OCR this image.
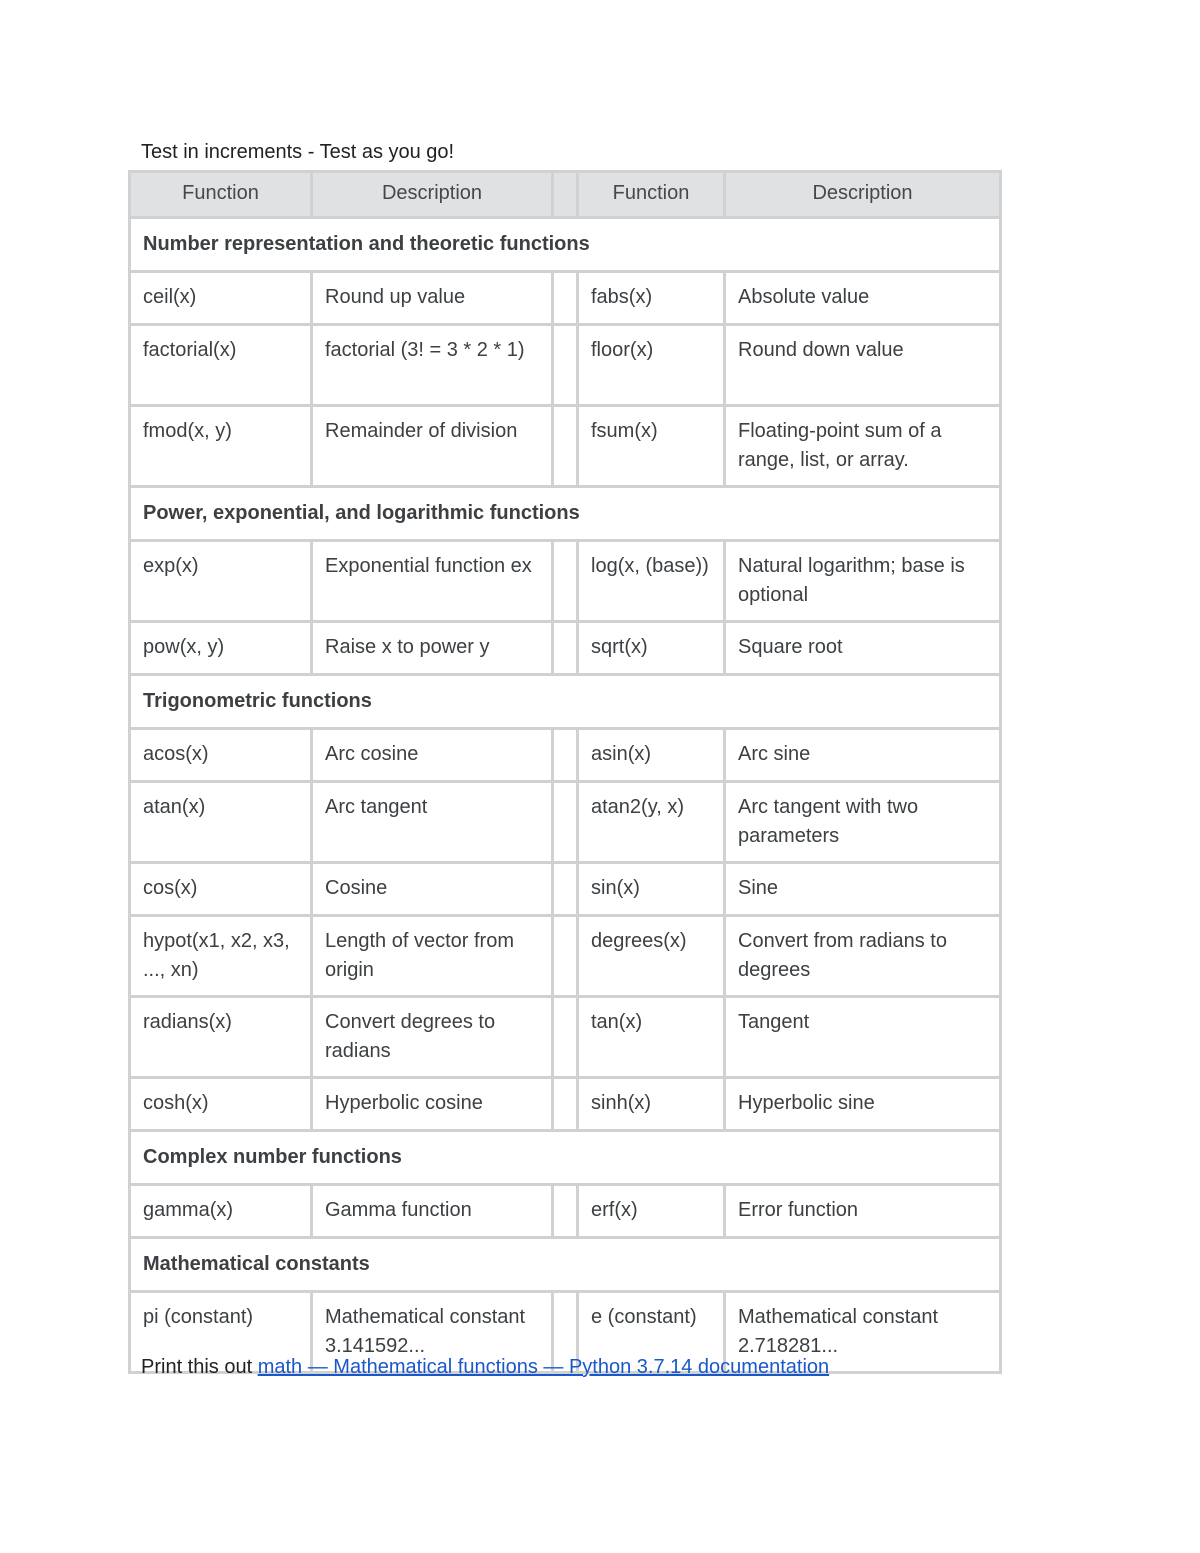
Test in increments - Test as you go!
Function	Description		Function	Description
Number representation and theoretic functions				
ceil(x)	Round up value		fabs(x)	Absolute value
factorial(x)	factorial (3! = 3 * 2 * 1)		floor(x)	Round down value
fmod(x, y)	Remainder of division		fsum(x)	Floating-point sum of a range, list, or array.
Power, exponential, and logarithmic functions				
exp(x)	Exponential function ex		log(x, (base))	Natural logarithm; base is optional
pow(x, y)	Raise x to power y		sqrt(x)	Square root
Trigonometric functions				
acos(x)	Arc cosine		asin(x)	Arc sine
atan(x)	Arc tangent		atan2(y, x)	Arc tangent with two parameters
cos(x)	Cosine		sin(x)	Sine
hypot(x1, x2, x3, ..., xn)	Length of vector from origin		degrees(x)	Convert from radians to degrees
radians(x)	Convert degrees to radians		tan(x)	Tangent
cosh(x)	Hyperbolic cosine		sinh(x)	Hyperbolic sine
Complex number functions				
gamma(x)	Gamma function		erf(x)	Error function
Mathematical constants				
pi (constant)	Mathematical constant 3.141592...		e (constant)	Mathematical constant 2.718281...
Print this out math — Mathematical functions — Python 3.7.14 documentation
